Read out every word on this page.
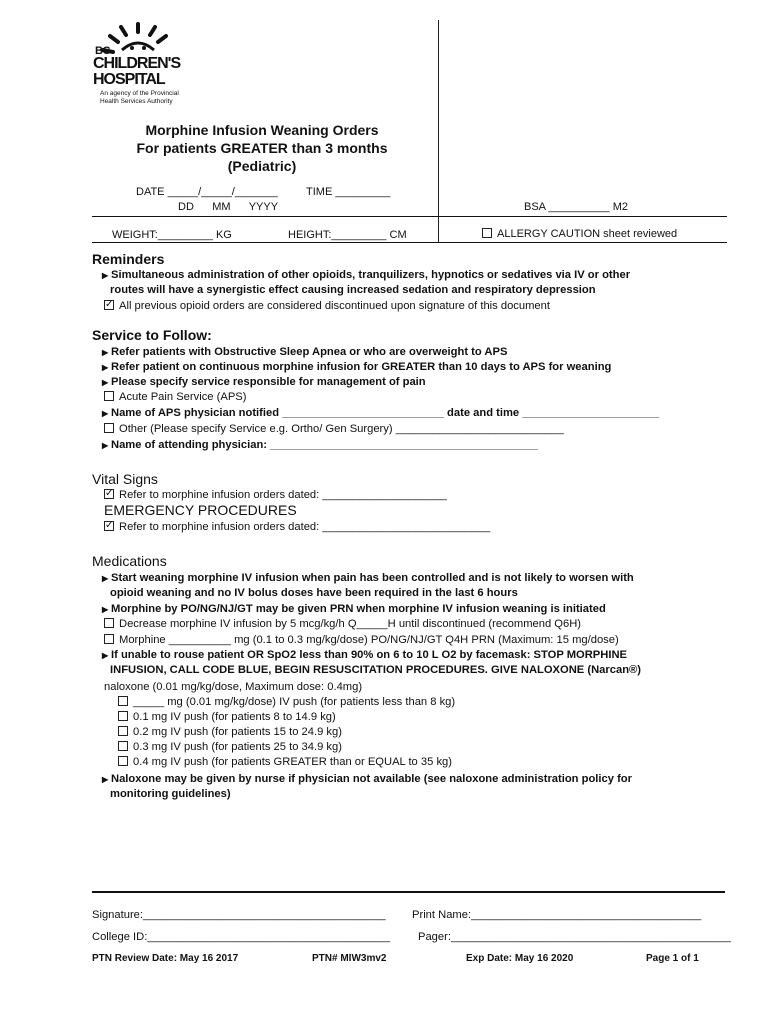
BC
CHILDREN'S
HOSPITAL
An agency of the Provincial
Health Services Authority
Morphine Infusion Weaning Orders
For patients GREATER than 3 months
(Pediatric)
DATE _____/_____/_______	TIME _________
DD      MM      YYYY	BSA __________ M2
WEIGHT:_________ KG	HEIGHT:_________ CM	ALLERGY CAUTION sheet reviewed
Reminders
▶ Simultaneous administration of other opioids, tranquilizers, hypnotics or sedatives via IV or other
routes will have a synergistic effect causing increased sedation and respiratory depression
✓All previous opioid orders are considered discontinued upon signature of this document
Service to Follow:
▶ Refer patients with Obstructive Sleep Apnea or who are overweight to APS
▶ Refer patient on continuous morphine infusion for GREATER than 10 days to APS for weaning
▶ Please specify service responsible for management of pain
Acute Pain Service (APS)
▶ Name of APS physician notified __________________________ date and time ______________________
Other (Please specify Service e.g. Ortho/ Gen Surgery) ___________________________
▶ Name of attending physician: ___________________________________________
Vital Signs
✓Refer to morphine infusion orders dated: ____________________
EMERGENCY PROCEDURES
✓Refer to morphine infusion orders dated: ___________________________
Medications
▶ Start weaning morphine IV infusion when pain has been controlled and is not likely to worsen with
opioid weaning and no IV bolus doses have been required in the last 6 hours
▶ Morphine by PO/NG/NJ/GT may be given PRN when morphine IV infusion weaning is initiated
Decrease morphine IV infusion by 5 mcg/kg/h Q_____H until discontinued (recommend Q6H)
Morphine __________ mg (0.1 to 0.3 mg/kg/dose) PO/NG/NJ/GT Q4H PRN (Maximum: 15 mg/dose)
▶ If unable to rouse patient OR SpO2 less than 90% on 6 to 10 L O2 by facemask: STOP MORPHINE
INFUSION, CALL CODE BLUE, BEGIN RESUSCITATION PROCEDURES. GIVE NALOXONE (Narcan®)
naloxone (0.01 mg/kg/dose, Maximum dose: 0.4mg)
_____ mg (0.01 mg/kg/dose) IV push (for patients less than 8 kg)
0.1 mg IV push (for patients 8 to 14.9 kg)
0.2 mg IV push (for patients 15 to 24.9 kg)
0.3 mg IV push (for patients 25 to 34.9 kg)
0.4 mg IV push (for patients GREATER than or EQUAL to 35 kg)
▶ Naloxone may be given by nurse if physician not available (see naloxone administration policy for
monitoring guidelines)
Signature:_______________________________________ Print Name:_____________________________________
College ID:_______________________________________	Pager:_____________________________________________
PTN Review Date: May 16 2017	PTN# MIW3mv2	Exp Date: May 16 2020	Page 1 of 1
